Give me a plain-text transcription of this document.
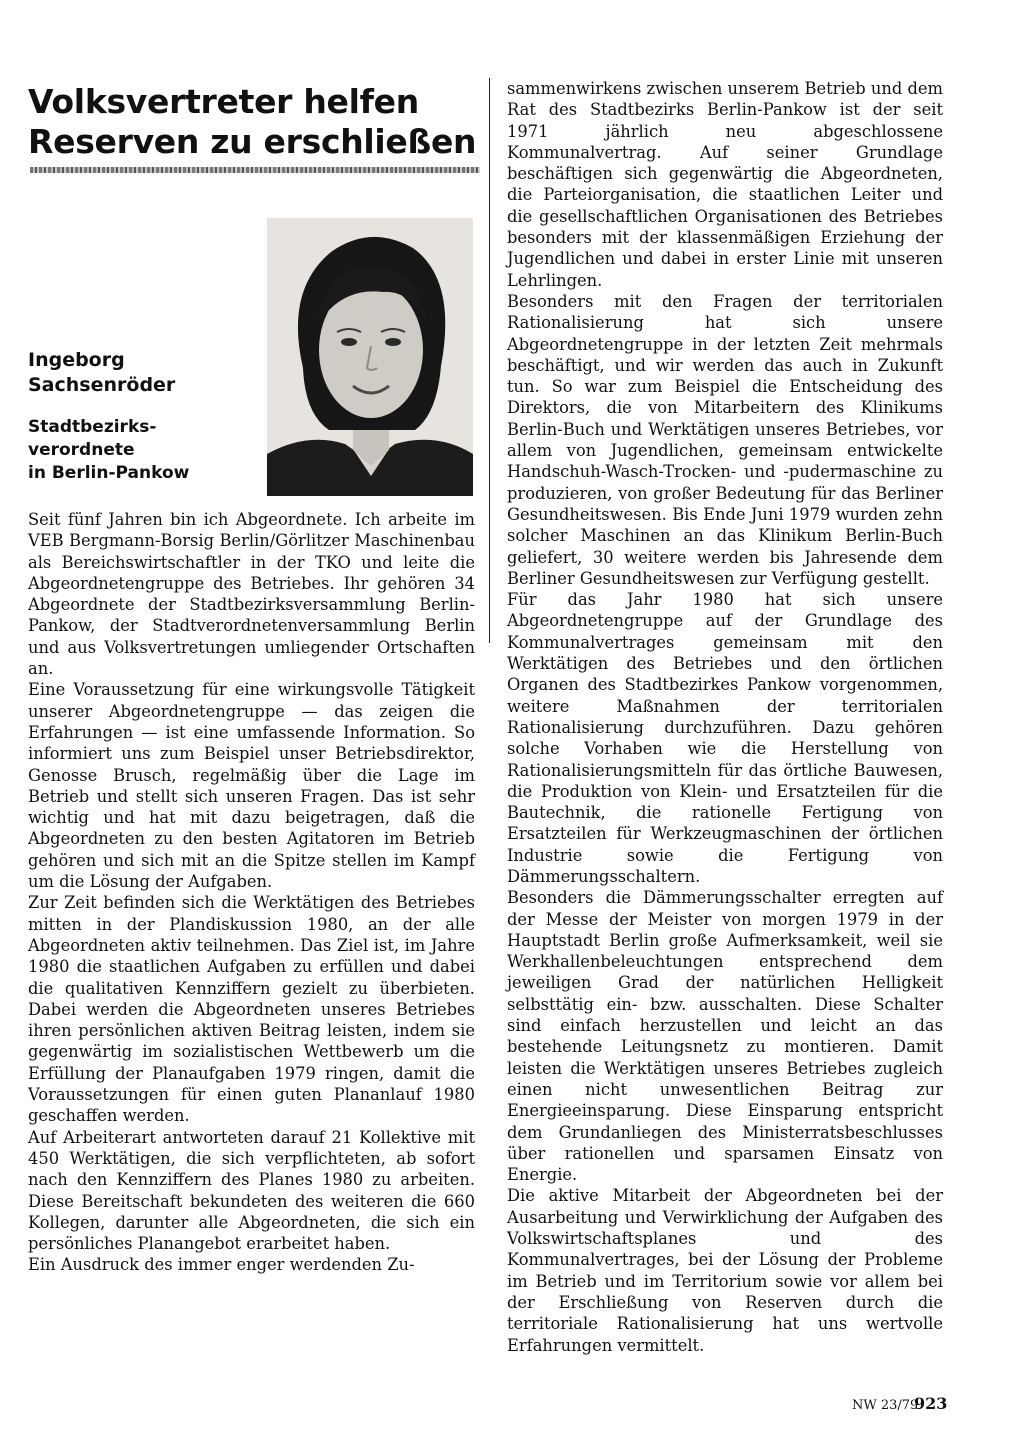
Volksvertreter helfen
Reserven zu erschließen
Ingeborg
Sachsenröder
Stadtbezirks-
verordnete
in Berlin-Pankow

Seit fünf Jahren bin ich Abgeordnete. Ich arbeite im VEB Bergmann-Borsig Berlin/Görlitzer Maschinenbau als Bereichswirtschaftler in der TKO und leite die Abgeordnetengruppe des Betriebes. Ihr gehören 34 Abgeordnete der Stadtbezirksversammlung Berlin-Pankow, der Stadtverordnetenversammlung Berlin und aus Volksvertretungen umliegender Ortschaften an.

Eine Voraussetzung für eine wirkungsvolle Tätigkeit unserer Abgeordnetengruppe — das zeigen die Erfahrungen — ist eine umfassende Information. So informiert uns zum Beispiel unser Betriebsdirektor, Genosse Brusch, regelmäßig über die Lage im Betrieb und stellt sich unseren Fragen. Das ist sehr wichtig und hat mit dazu beigetragen, daß die Abgeordneten zu den besten Agitatoren im Betrieb gehören und sich mit an die Spitze stellen im Kampf um die Lösung der Aufgaben.

Zur Zeit befinden sich die Werktätigen des Betriebes mitten in der Plandiskussion 1980, an der alle Abgeordneten aktiv teilnehmen. Das Ziel ist, im Jahre 1980 die staatlichen Aufgaben zu erfüllen und dabei die qualitativen Kennziffern gezielt zu überbieten. Dabei werden die Abgeordneten unseres Betriebes ihren persönlichen aktiven Beitrag leisten, indem sie gegenwärtig im sozialistischen Wettbewerb um die Erfüllung der Planaufgaben 1979 ringen, damit die Voraussetzungen für einen guten Plananlauf 1980 geschaffen werden.

Auf Arbeiterart antworteten darauf 21 Kollektive mit 450 Werktätigen, die sich verpflichteten, ab sofort nach den Kennziffern des Planes 1980 zu arbeiten. Diese Bereitschaft bekundeten des weiteren die 660 Kollegen, darunter alle Abgeordneten, die sich ein persönliches Planangebot erarbeitet haben.

Ein Ausdruck des immer enger werdenden Zu-

sammenwirkens zwischen unserem Betrieb und dem Rat des Stadtbezirks Berlin-Pankow ist der seit 1971 jährlich neu abgeschlossene Kommunalvertrag. Auf seiner Grundlage beschäftigen sich gegenwärtig die Abgeordneten, die Parteiorganisation, die staatlichen Leiter und die gesellschaftlichen Organisationen des Betriebes besonders mit der klassenmäßigen Erziehung der Jugendlichen und dabei in erster Linie mit unseren Lehrlingen.

Besonders mit den Fragen der territorialen Rationalisierung hat sich unsere Abgeordnetengruppe in der letzten Zeit mehrmals beschäftigt, und wir werden das auch in Zukunft tun. So war zum Beispiel die Entscheidung des Direktors, die von Mitarbeitern des Klinikums Berlin-Buch und Werktätigen unseres Betriebes, vor allem von Jugendlichen, gemeinsam entwickelte Handschuh-Wasch-Trocken- und -pudermaschine zu produzieren, von großer Bedeutung für das Berliner Gesundheitswesen. Bis Ende Juni 1979 wurden zehn solcher Maschinen an das Klinikum Berlin-Buch geliefert, 30 weitere werden bis Jahresende dem Berliner Gesundheitswesen zur Verfügung gestellt.

Für das Jahr 1980 hat sich unsere Abgeordnetengruppe auf der Grundlage des Kommunalvertrages gemeinsam mit den Werktätigen des Betriebes und den örtlichen Organen des Stadtbezirkes Pankow vorgenommen, weitere Maßnahmen der territorialen Rationalisierung durchzuführen. Dazu gehören solche Vorhaben wie die Herstellung von Rationalisierungsmitteln für das örtliche Bauwesen, die Produktion von Klein- und Ersatzteilen für die Bautechnik, die rationelle Fertigung von Ersatzteilen für Werkzeugmaschinen der örtlichen Industrie sowie die Fertigung von Dämmerungsschaltern.

Besonders die Dämmerungsschalter erregten auf der Messe der Meister von morgen 1979 in der Hauptstadt Berlin große Aufmerksamkeit, weil sie Werkhallenbeleuchtungen entsprechend dem jeweiligen Grad der natürlichen Helligkeit selbsttätig ein- bzw. ausschalten. Diese Schalter sind einfach herzustellen und leicht an das bestehende Leitungsnetz zu montieren. Damit leisten die Werktätigen unseres Betriebes zugleich einen nicht unwesentlichen Beitrag zur Energieeinsparung. Diese Einsparung entspricht dem Grundanliegen des Ministerratsbeschlusses über rationellen und sparsamen Einsatz von Energie.

Die aktive Mitarbeit der Abgeordneten bei der Ausarbeitung und Verwirklichung der Aufgaben des Volkswirtschaftsplanes und des Kommunalvertrages, bei der Lösung der Probleme im Betrieb und im Territorium sowie vor allem bei der Erschließung von Reserven durch die territoriale Rationalisierung hat uns wertvolle Erfahrungen vermittelt.

NW 23/79
923
